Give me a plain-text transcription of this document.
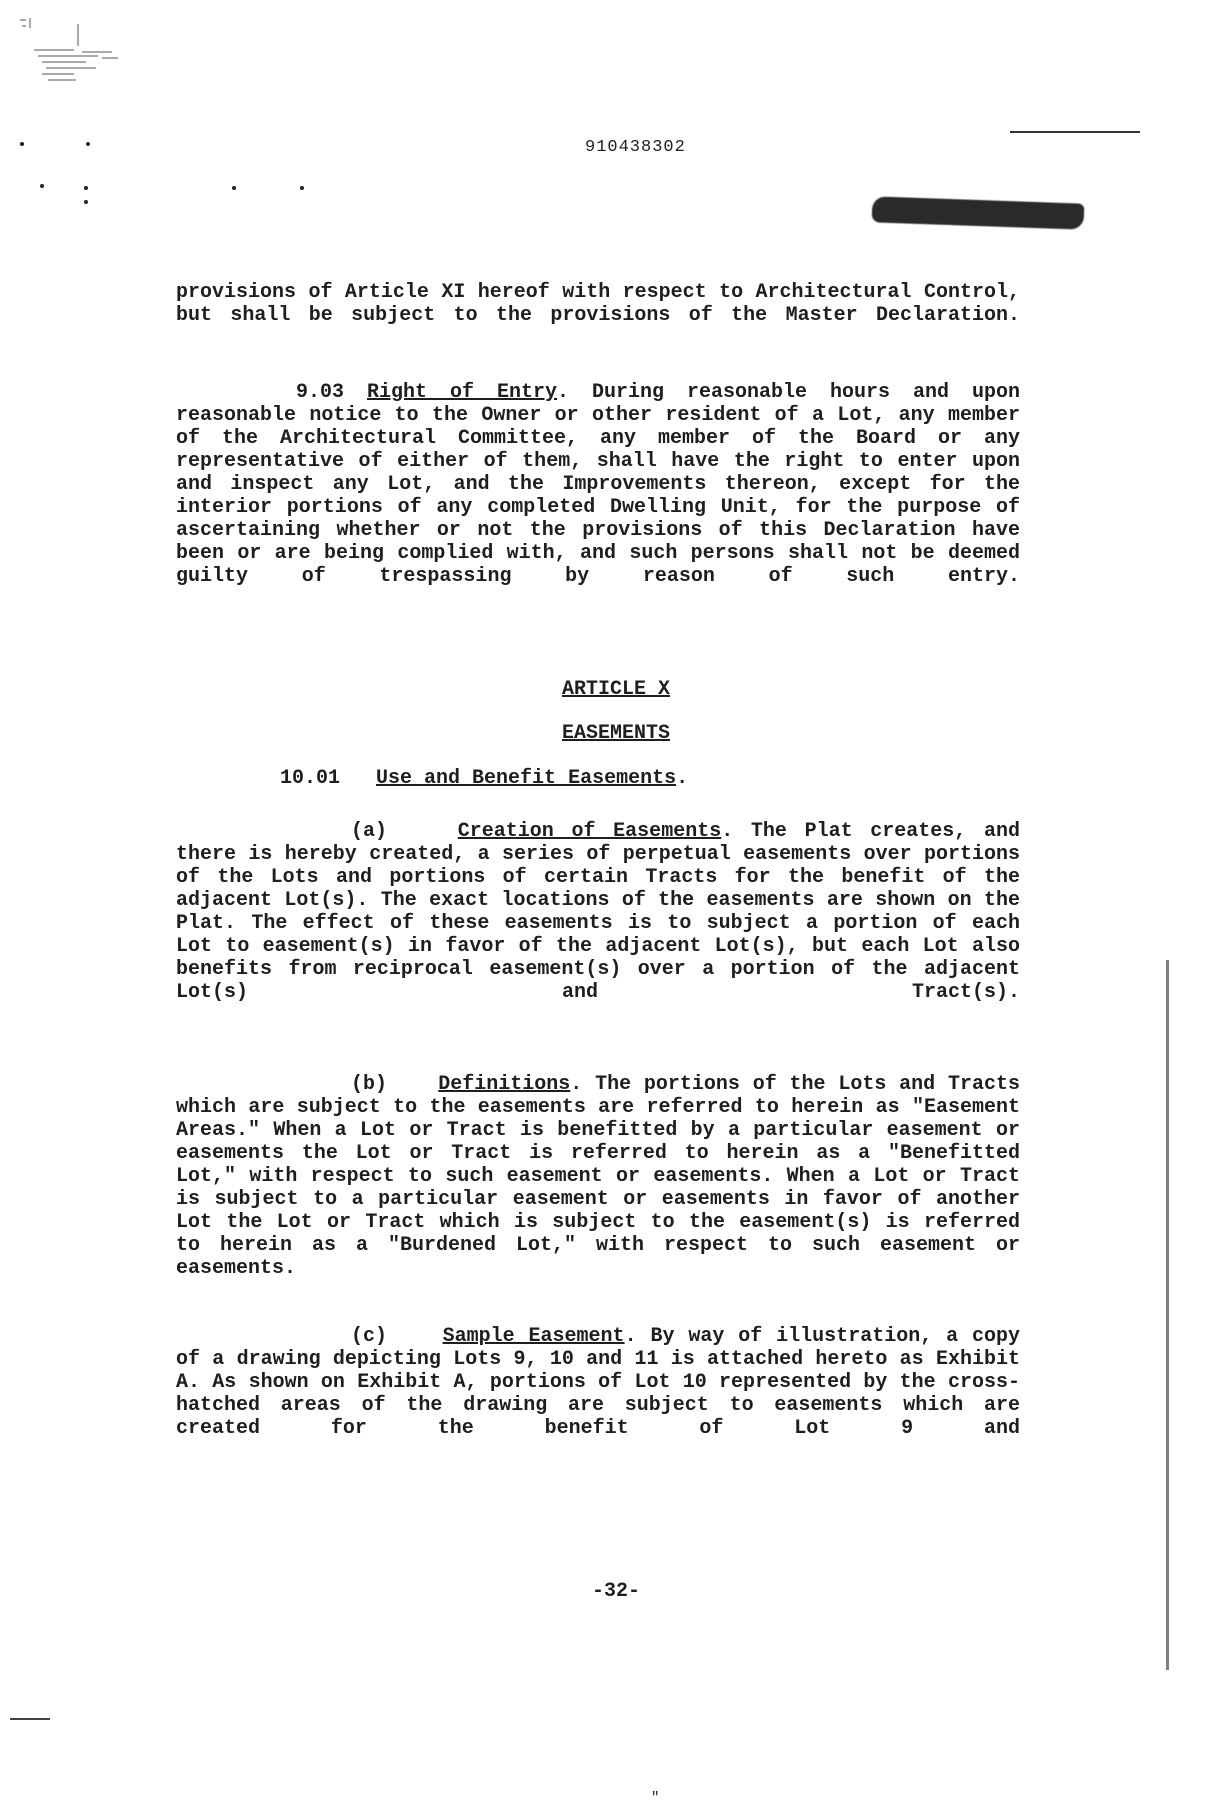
910438302
provisions of Article XI hereof with respect to Architectural Control, but shall be subject to the provisions of the Master Declaration.
9.03 Right of Entry. During reasonable hours and upon reasonable notice to the Owner or other resident of a Lot, any member of the Architectural Committee, any member of the Board or any representative of either of them, shall have the right to enter upon and inspect any Lot, and the Improvements thereon, except for the interior portions of any completed Dwelling Unit, for the purpose of ascertaining whether or not the provisions of this Declaration have been or are being complied with, and such persons shall not be deemed guilty of trespassing by reason of such entry.
ARTICLE X
EASEMENTS
10.01 Use and Benefit Easements.
(a)	Creation of Easements. The Plat creates, and there is hereby created, a series of perpetual easements over portions of the Lots and portions of certain Tracts for the benefit of the adjacent Lot(s). The exact locations of the easements are shown on the Plat. The effect of these easements is to subject a portion of each Lot to easement(s) in favor of the adjacent Lot(s), but each Lot also benefits from reciprocal easement(s) over a portion of the adjacent Lot(s) and Tract(s).
(b)	Definitions. The portions of the Lots and Tracts which are subject to the easements are referred to herein as "Easement Areas." When a Lot or Tract is benefitted by a particular easement or easements the Lot or Tract is referred to herein as a "Benefitted Lot," with respect to such easement or easements. When a Lot or Tract is subject to a particular easement or easements in favor of another Lot the Lot or Tract which is subject to the easement(s) is referred to herein as a "Burdened Lot," with respect to such easement or easements.
(c)	Sample Easement. By way of illustration, a copy of a drawing depicting Lots 9, 10 and 11 is attached hereto as Exhibit A. As shown on Exhibit A, portions of Lot 10 represented by the cross-hatched areas of the drawing are subject to easements which are created for the benefit of Lot 9 and
-32-
"
